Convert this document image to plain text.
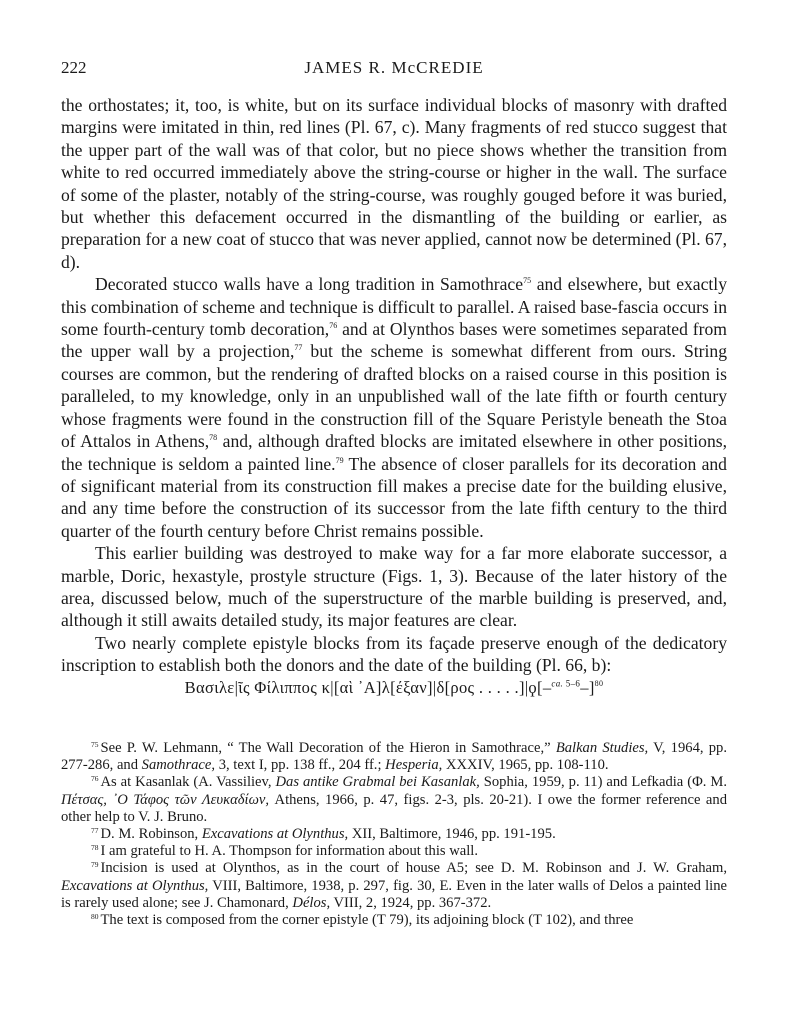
222	JAMES R. McCREDIE

the orthostates; it, too, is white, but on its surface individual blocks of masonry with drafted margins were imitated in thin, red lines (Pl. 67, c). Many fragments of red stucco suggest that the upper part of the wall was of that color, but no piece shows whether the transition from white to red occurred immediately above the string-course or higher in the wall. The surface of some of the plaster, notably of the string-course, was roughly gouged before it was buried, but whether this defacement occurred in the dismantling of the building or earlier, as preparation for a new coat of stucco that was never applied, cannot now be determined (Pl. 67, d).

Decorated stucco walls have a long tradition in Samothrace$^{75}$ and elsewhere, but exactly this combination of scheme and technique is difficult to parallel. A raised base-fascia occurs in some fourth-century tomb decoration,$^{76}$ and at Olynthos bases were sometimes separated from the upper wall by a projection,$^{77}$ but the scheme is somewhat different from ours. String courses are common, but the rendering of drafted blocks on a raised course in this position is paralleled, to my knowledge, only in an unpublished wall of the late fifth or fourth century whose fragments were found in the construction fill of the Square Peristyle beneath the Stoa of Attalos in Athens,$^{78}$ and, although drafted blocks are imitated elsewhere in other positions, the technique is seldom a painted line.$^{79}$ The absence of closer parallels for its decoration and of significant material from its construction fill makes a precise date for the building elusive, and any time before the construction of its successor from the late fifth century to the third quarter of the fourth century before Christ remains possible.

This earlier building was destroyed to make way for a far more elaborate successor, a marble, Doric, hexastyle, prostyle structure (Figs. 1, 3). Because of the later history of the area, discussed below, much of the superstructure of the marble building is preserved, and, although it still awaits detailed study, its major features are clear.

Two nearly complete epistyle blocks from its façade preserve enough of the dedicatory inscription to establish both the donors and the date of the building (Pl. 66, b):

Βασιλε|ῖς Φίλιππος κ|[αὶ ᾿Α]λ[έξαν]|δ[ρος . . . . .]|ϙ[–$^{ca. 5-6}$–]$^{80}$

$^{75}$ See P. W. Lehmann, “ The Wall Decoration of the Hieron in Samothrace,” Balkan Studies, V, 1964, pp. 277-286, and Samothrace, 3, text I, pp. 138 ff., 204 ff.; Hesperia, XXXIV, 1965, pp. 108-110.

$^{76}$ As at Kasanlak (A. Vassiliev, Das antike Grabmal bei Kasanlak, Sophia, 1959, p. 11) and Lefkadia (Φ. Μ. Πέτσας, ᾿Ο Τάφος τῶν Λευκαδίων, Athens, 1966, p. 47, figs. 2-3, pls. 20-21). I owe the former reference and other help to V. J. Bruno.

$^{77}$ D. M. Robinson, Excavations at Olynthus, XII, Baltimore, 1946, pp. 191-195.

$^{78}$ I am grateful to H. A. Thompson for information about this wall.

$^{79}$ Incision is used at Olynthos, as in the court of house A5; see D. M. Robinson and J. W. Graham, Excavations at Olynthus, VIII, Baltimore, 1938, p. 297, fig. 30, E. Even in the later walls of Delos a painted line is rarely used alone; see J. Chamonard, Délos, VIII, 2, 1924, pp. 367-372.

$^{80}$ The text is composed from the corner epistyle (T 79), its adjoining block (T 102), and three
